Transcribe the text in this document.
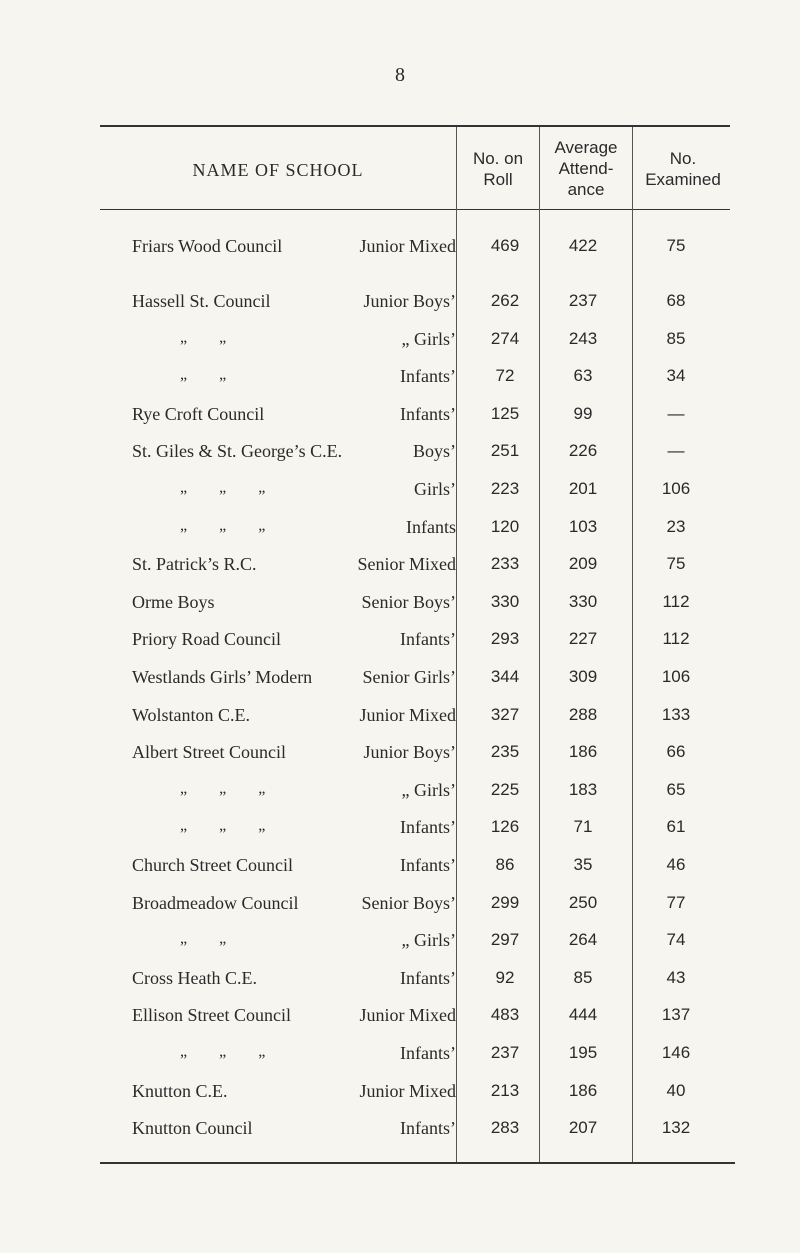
8
NAME OF SCHOOL
No. on
Roll
Average
Attend-
ance
No.
Examined
Friars Wood Council	Junior Mixed	469	422	75
Hassell St. Council	Junior Boys’	262	237	68
„ „	„ Girls’	274	243	85
„ „	Infants’	72	63	34
Rye Croft Council	Infants’	125	99	—
St. Giles & St. George’s C.E.	Boys’	251	226	—
„ „ „	Girls’	223	201	106
„ „ „	Infants	120	103	23
St. Patrick’s R.C.	Senior Mixed	233	209	75
Orme Boys	Senior Boys’	330	330	112
Priory Road Council	Infants’	293	227	112
Westlands Girls’ Modern	Senior Girls’	344	309	106
Wolstanton C.E.	Junior Mixed	327	288	133
Albert Street Council	Junior Boys’	235	186	66
„ „ „	„ Girls’	225	183	65
„ „ „	Infants’	126	71	61
Church Street Council	Infants’	86	35	46
Broadmeadow Council	Senior Boys’	299	250	77
„ „	„ Girls’	297	264	74
Cross Heath C.E.	Infants’	92	85	43
Ellison Street Council	Junior Mixed	483	444	137
„ „ „	Infants’	237	195	146
Knutton C.E.	Junior Mixed	213	186	40
Knutton Council	Infants’	283	207	132
